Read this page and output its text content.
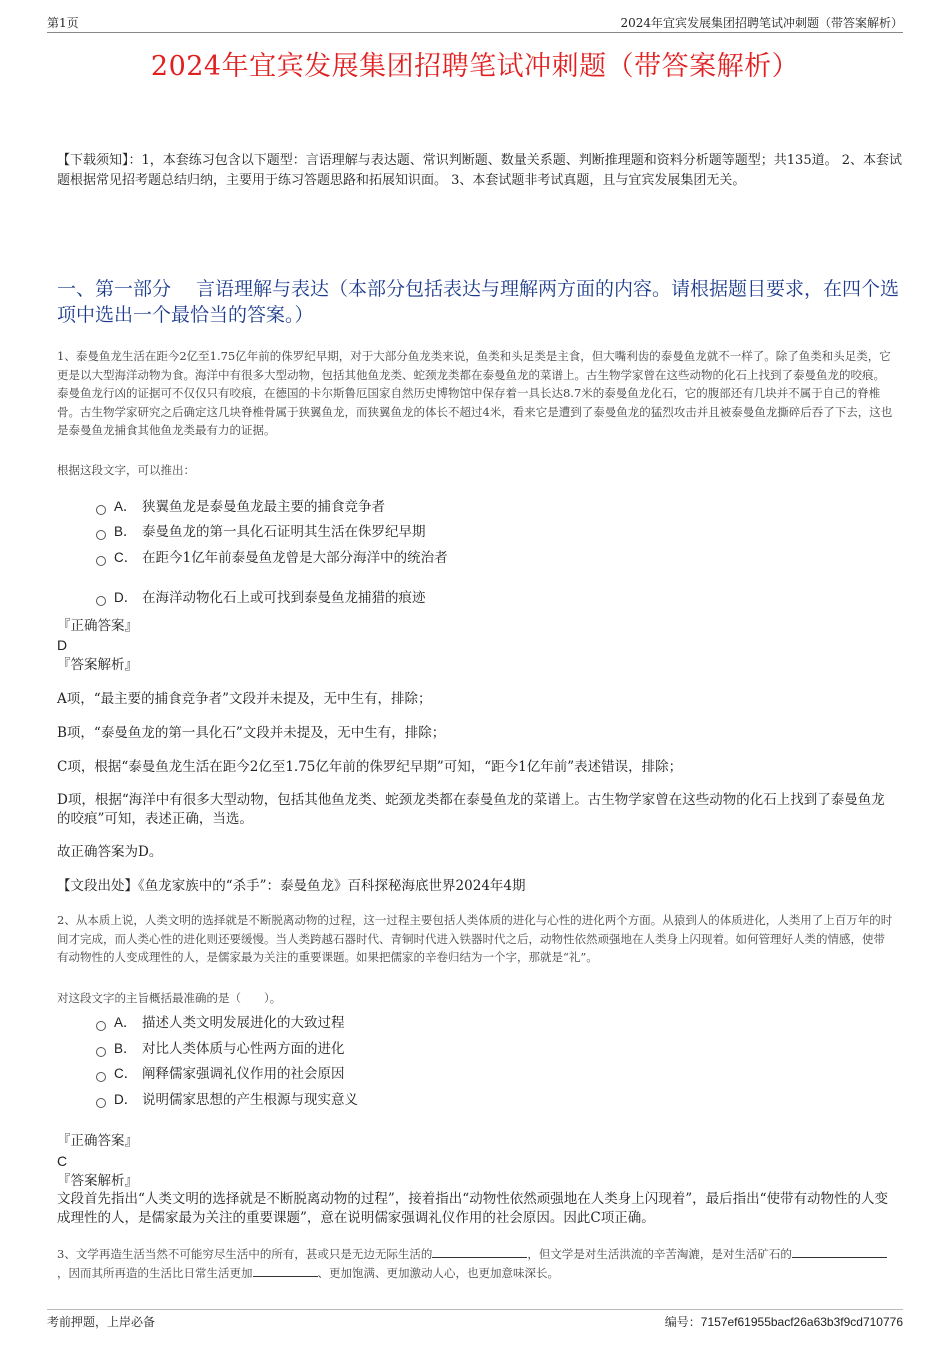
第1页	2024年宜宾发展集团招聘笔试冲刺题（带答案解析）
2024年宜宾发展集团招聘笔试冲刺题（带答案解析）
【下载须知】：1，本套练习包含以下题型：言语理解与表达题、常识判断题、数量关系题、判断推理题和资料分析题等题型；共135道。 2、本套试题根据常见招考题总结归纳，主要用于练习答题思路和拓展知识面。 3、本套试题非考试真题，且与宜宾发展集团无关。
一、第一部分　 言语理解与表达（本部分包括表达与理解两方面的内容。请根据题目要求，在四个选项中选出一个最恰当的答案。）
1、泰曼鱼龙生活在距今2亿至1.75亿年前的侏罗纪早期，对于大部分鱼龙类来说，鱼类和头足类是主食，但大嘴利齿的泰曼鱼龙就不一样了。除了鱼类和头足类，它更是以大型海洋动物为食。海洋中有很多大型动物，包括其他鱼龙类、蛇颈龙类都在泰曼鱼龙的菜谱上。古生物学家曾在这些动物的化石上找到了泰曼鱼龙的咬痕。泰曼鱼龙行凶的证据可不仅仅只有咬痕，在德国的卡尔斯鲁厄国家自然历史博物馆中保存着一具长达8.7米的泰曼鱼龙化石，它的腹部还有几块并不属于自己的脊椎骨。古生物学家研究之后确定这几块脊椎骨属于狭翼鱼龙，而狭翼鱼龙的体长不超过4米，看来它是遭到了泰曼鱼龙的猛烈攻击并且被泰曼鱼龙撕碎后吞了下去，这也是泰曼鱼龙捕食其他鱼龙类最有力的证据。
根据这段文字，可以推出：
A． 狭翼鱼龙是泰曼鱼龙最主要的捕食竞争者
B． 泰曼鱼龙的第一具化石证明其生活在侏罗纪早期
C． 在距今1亿年前泰曼鱼龙曾是大部分海洋中的统治者
D． 在海洋动物化石上或可找到泰曼鱼龙捕猎的痕迹
『正确答案』
D
『答案解析』
A项，“最主要的捕食竞争者”文段并未提及，无中生有，排除；
B项，“泰曼鱼龙的第一具化石”文段并未提及，无中生有，排除；
C项，根据“泰曼鱼龙生活在距今2亿至1.75亿年前的侏罗纪早期”可知，“距今1亿年前”表述错误，排除；
D项，根据“海洋中有很多大型动物，包括其他鱼龙类、蛇颈龙类都在泰曼鱼龙的菜谱上。古生物学家曾在这些动物的化石上找到了泰曼鱼龙的咬痕”可知，表述正确，当选。
故正确答案为D。
【文段出处】《鱼龙家族中的“杀手”：泰曼鱼龙》百科探秘海底世界2024年4期
2、从本质上说，人类文明的选择就是不断脱离动物的过程，这一过程主要包括人类体质的进化与心性的进化两个方面。从猿到人的体质进化，人类用了上百万年的时间才完成，而人类心性的进化则还要缓慢。当人类跨越石器时代、青铜时代进入铁器时代之后，动物性依然顽强地在人类身上闪现着。如何管理好人类的情感，使带有动物性的人变成理性的人，是儒家最为关注的重要课题。如果把儒家的辛卷归结为一个字，那就是“礼”。
对这段文字的主旨概括最准确的是（　　）。
A． 描述人类文明发展进化的大致过程
B． 对比人类体质与心性两方面的进化
C． 阐释儒家强调礼仪作用的社会原因
D． 说明儒家思想的产生根源与现实意义
『正确答案』
C
『答案解析』
文段首先指出“人类文明的选择就是不断脱离动物的过程”，接着指出“动物性依然顽强地在人类身上闪现着”，最后指出“使带有动物性的人变成理性的人，是儒家最为关注的重要课题”，意在说明儒家强调礼仪作用的社会原因。因此C项正确。
3、文学再造生活当然不可能穷尽生活中的所有，甚或只是无边无际生活的	，但文学是对生活洪流的辛苦淘漉，是对生活矿石的，因而其所再造的生活比日常生活更加	、更加饱满、更加激动人心，也更加意味深长。
考前押题，上岸必备	编号：7157ef61955bacf26a63b3f9cd710776
